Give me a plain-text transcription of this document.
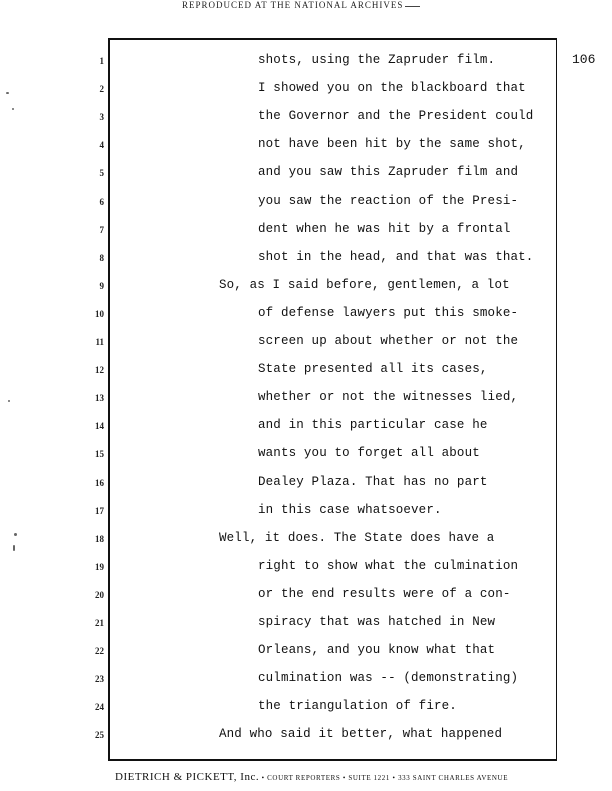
REPRODUCED AT THE NATIONAL ARCHIVES
106
1	shots, using the Zapruder film.
2	I showed you on the blackboard that
3	the Governor and the President could
4	not have been hit by the same shot,
5	and you saw this Zapruder film and
6	you saw the reaction of the Presi-
7	dent when he was hit by a frontal
8	shot in the head, and that was that.
9	So, as I said before, gentlemen, a lot
10	of defense lawyers put this smoke-
11	screen up about whether or not the
12	State presented all its cases,
13	whether or not the witnesses lied,
14	and in this particular case he
15	wants you to forget all about
16	Dealey Plaza. That has no part
17	in this case whatsoever.
18	Well, it does. The State does have a
19	right to show what the culmination
20	or the end results were of a con-
21	spiracy that was hatched in New
22	Orleans, and you know what that
23	culmination was -- (demonstrating)
24	the triangulation of fire.
25	And who said it better, what happened
DIETRICH & PICKETT, Inc. • COURT REPORTERS • SUITE 1221 • 333 SAINT CHARLES AVENUE
